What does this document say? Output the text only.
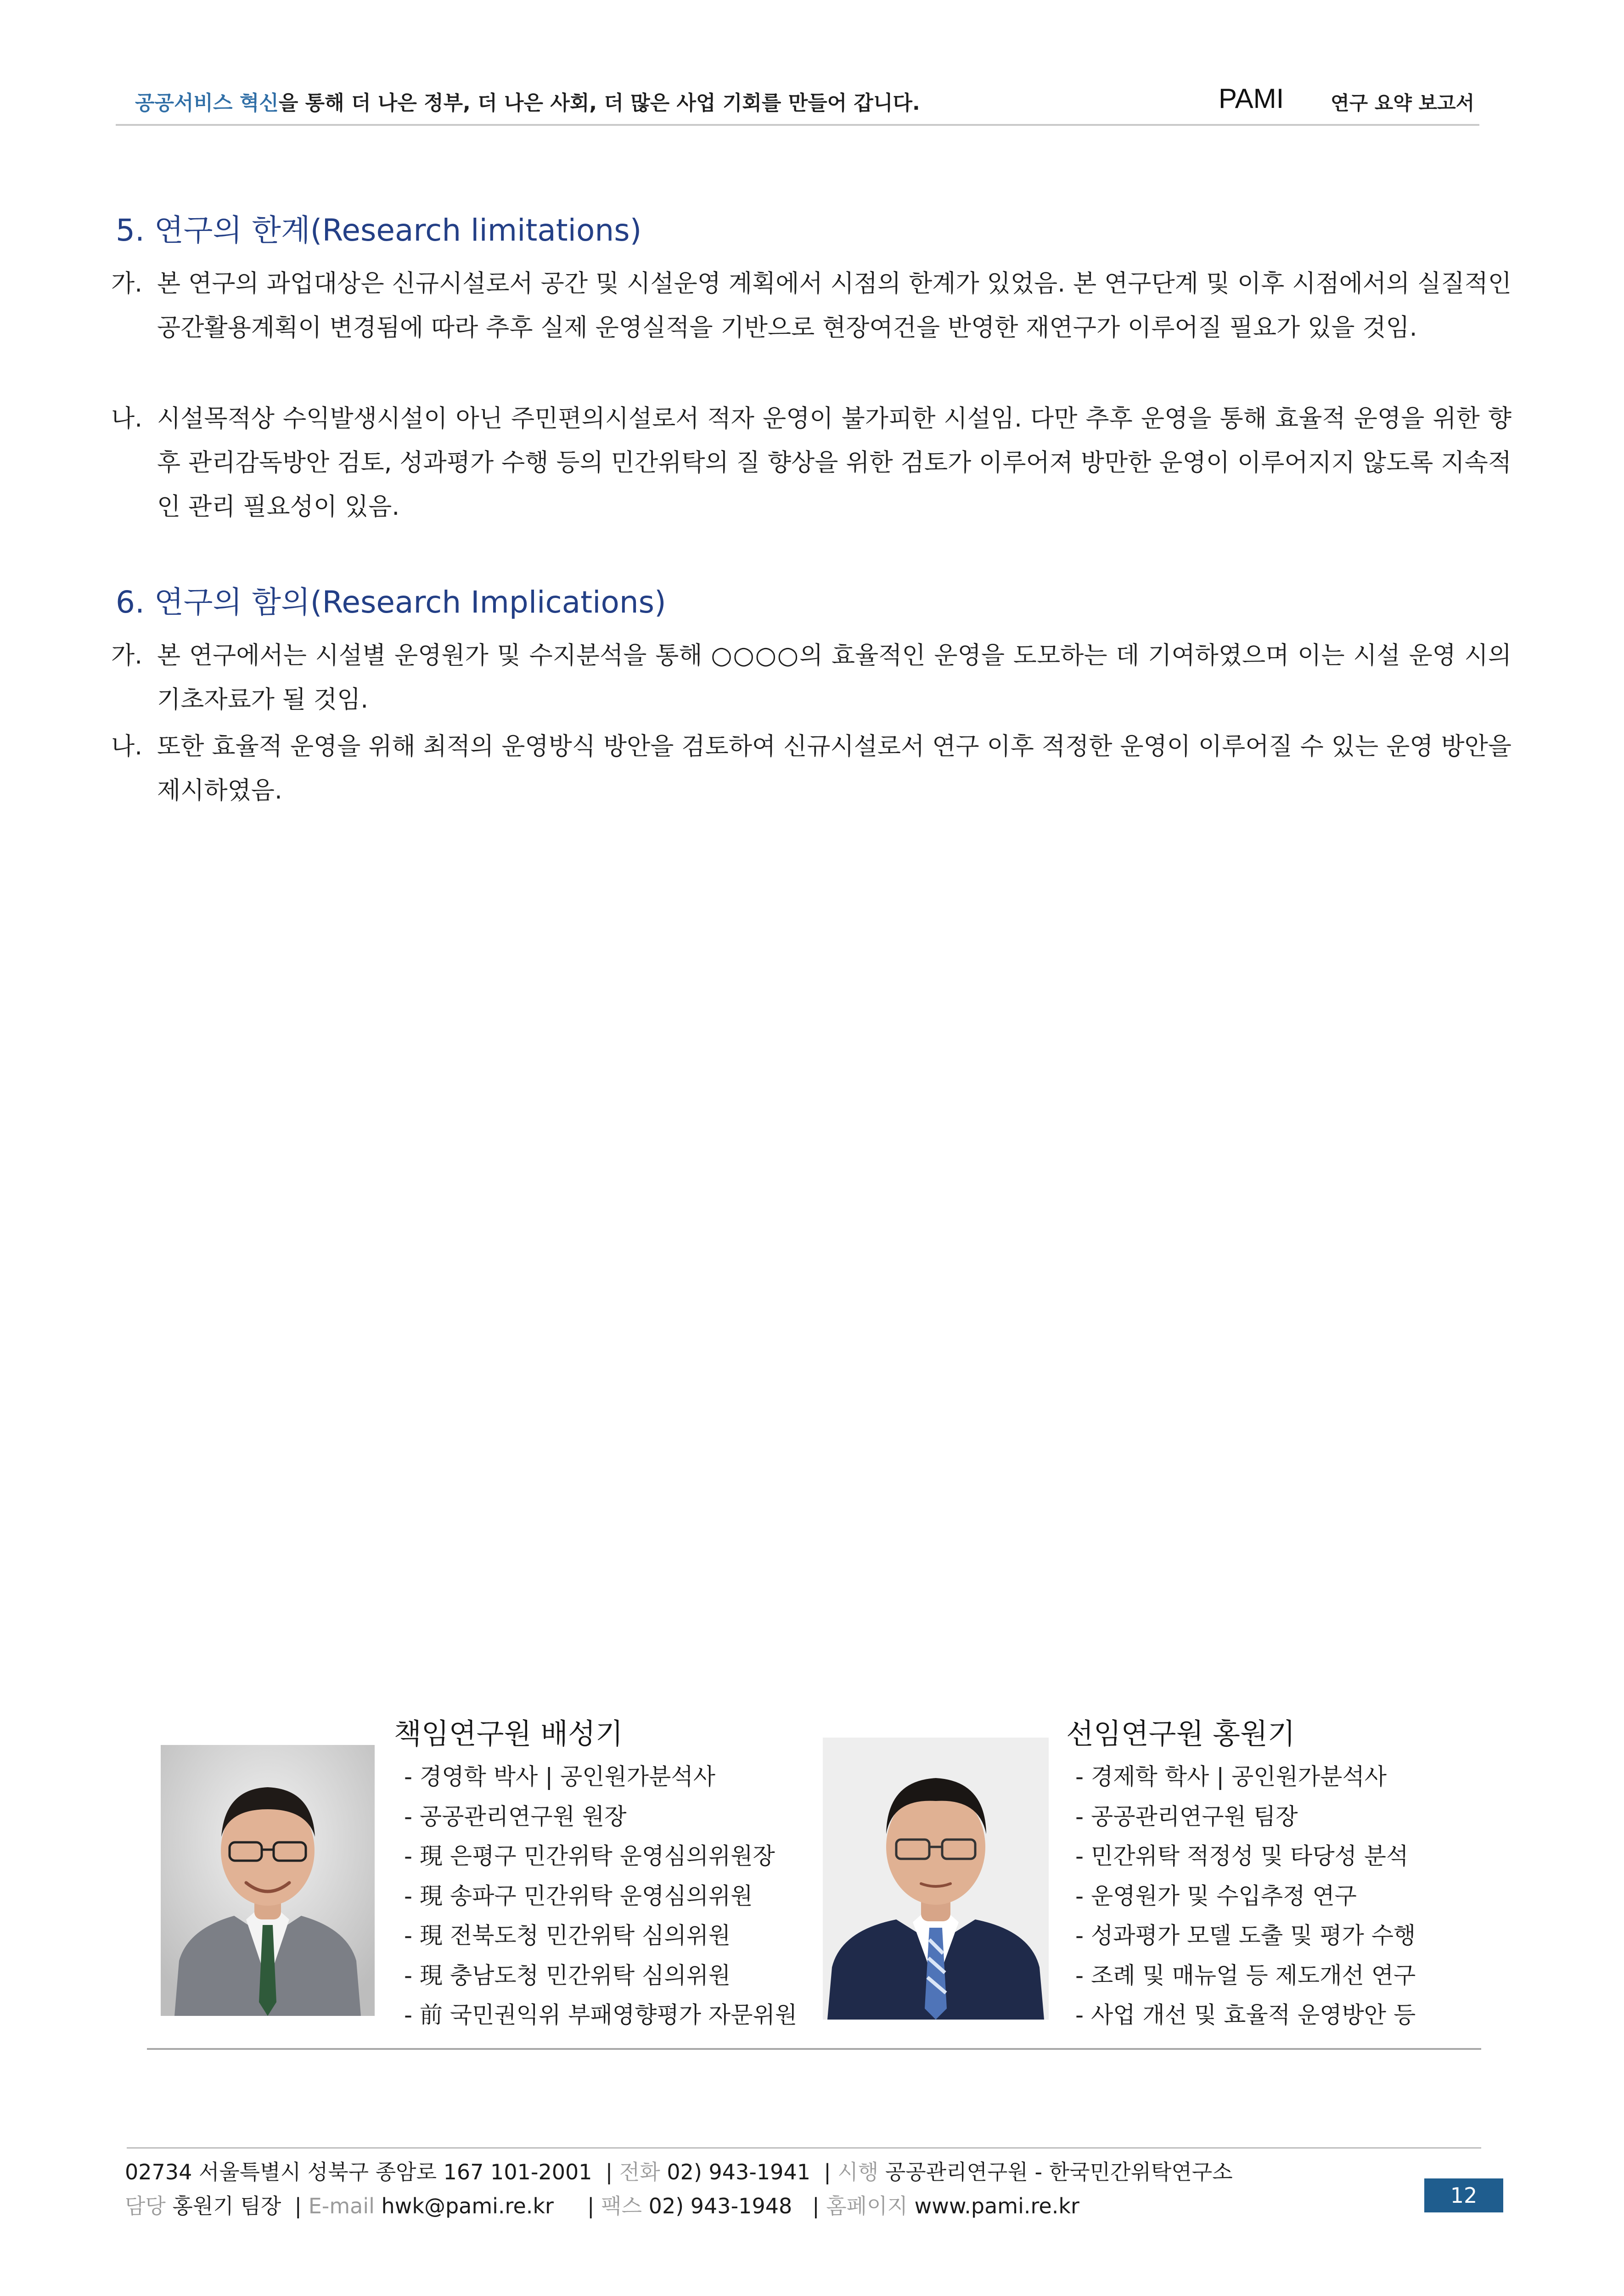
공공서비스 혁신을 통해 더 나은 정부, 더 나은 사회, 더 많은 사업 기회를 만들어 갑니다.	PAMI 연구 요약 보고서
5. 연구의 한계(Research limitations)

가. 본 연구의 과업대상은 신규시설로서 공간 및 시설운영 계획에서 시점의 한계가 있었음. 본 연구단계 및 이후 시점에서의 실질적인 공간활용계획이 변경됨에 따라 추후 실제 운영실적을 기반으로 현장여건을 반영한 재연구가 이루어질 필요가 있을 것임.

나. 시설목적상 수익발생시설이 아닌 주민편의시설로서 적자 운영이 불가피한 시설임. 다만 추후 운영을 통해 효율적 운영을 위한 향후 관리감독방안 검토, 성과평가 수행 등의 민간위탁의 질 향상을 위한 검토가 이루어져 방만한 운영이 이루어지지 않도록 지속적인 관리 필요성이 있음.

6. 연구의 함의(Research Implications)

가. 본 연구에서는 시설별 운영원가 및 수지분석을 통해 ○○○○의 효율적인 운영을 도모하는 데 기여하였으며 이는 시설 운영 시의 기초자료가 될 것임.

나. 또한 효율적 운영을 위해 최적의 운영방식 방안을 검토하여 신규시설로서 연구 이후 적정한 운영이 이루어질 수 있는 운영 방안을 제시하였음.

책임연구원 배성기
- 경영학 박사 | 공인원가분석사
- 공공관리연구원 원장
- 現 은평구 민간위탁 운영심의위원장
- 現 송파구 민간위탁 운영심의위원
- 現 전북도청 민간위탁 심의위원
- 現 충남도청 민간위탁 심의위원
- 前 국민권익위 부패영향평가 자문위원
선임연구원 홍원기
- 경제학 학사 | 공인원가분석사
- 공공관리연구원 팀장
- 민간위탁 적정성 및 타당성 분석
- 운영원가 및 수입추정 연구
- 성과평가 모델 도출 및 평가 수행
- 조례 및 매뉴얼 등 제도개선 연구
- 사업 개선 및 효율적 운영방안 등
02734 서울특별시 성북구 종암로 167 101-2001  | 전화 02) 943-1941  | 시행 공공관리연구원 - 한국민간위탁연구소
담당 홍원기 팀장  | E-mail hwk@pami.re.kr     | 팩스 02) 943-1948   | 홈페이지 www.pami.re.kr	12
